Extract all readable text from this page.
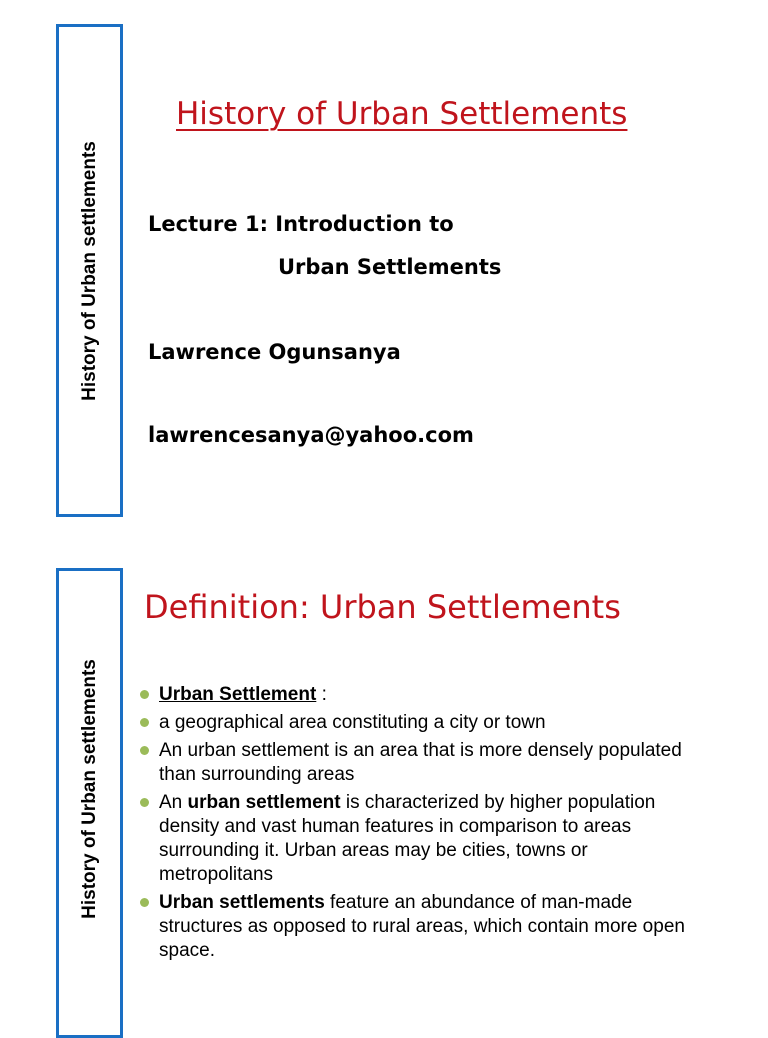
History of Urban settlements
History of Urban Settlements
Lecture 1: Introduction to
Urban Settlements
Lawrence Ogunsanya
lawrencesanya@yahoo.com
History of Urban settlements
Definition: Urban Settlements
Urban Settlement :
a geographical area constituting a city or town
An urban settlement is an area that is more densely populated than surrounding areas
An urban settlement is characterized by higher population density and vast human features in comparison to areas surrounding it. Urban areas may be cities, towns or metropolitans
Urban settlements feature an abundance of man-made structures as opposed to rural areas, which contain more open space.
